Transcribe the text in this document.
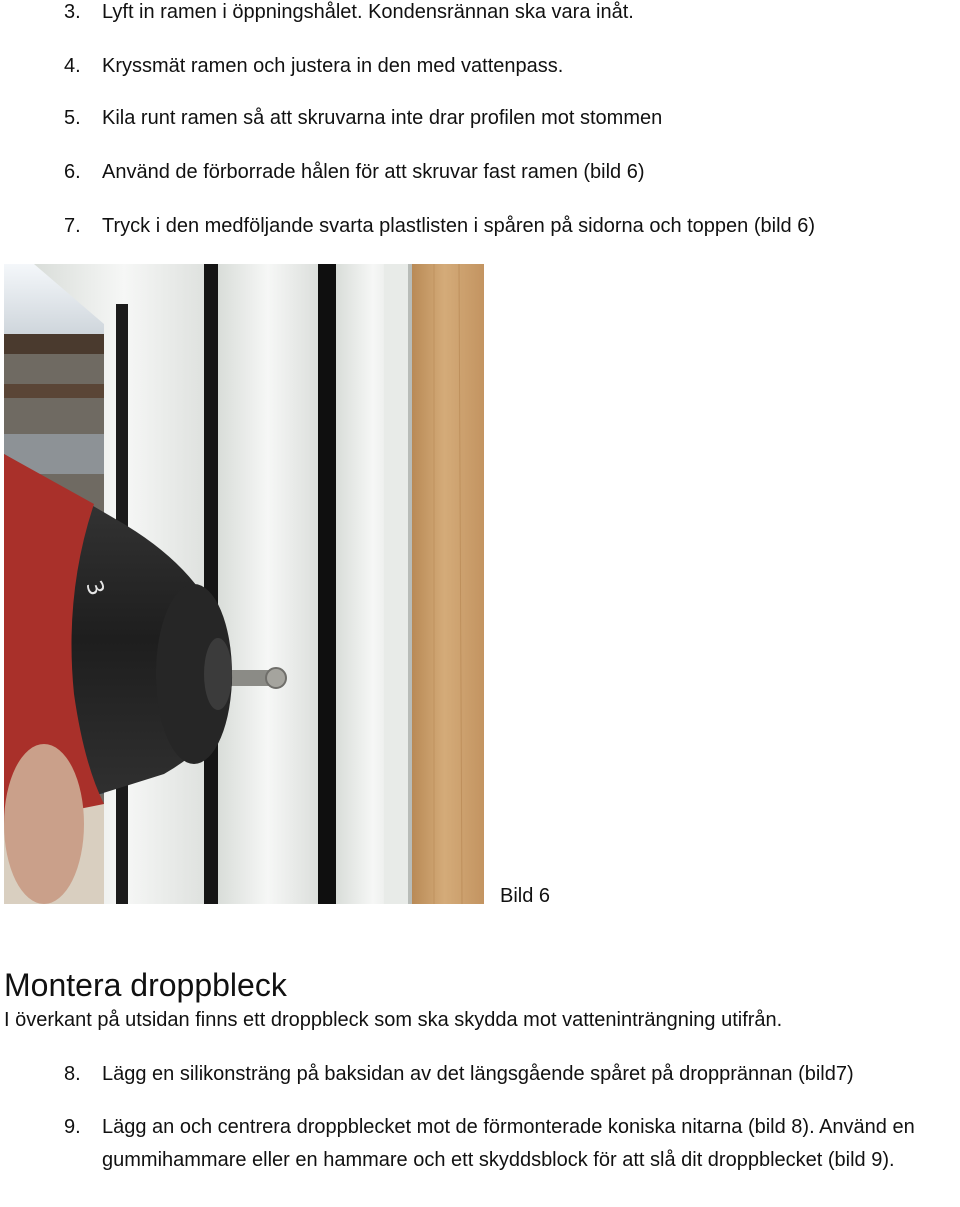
3. Lyft in ramen i öppningshålet. Kondensrännan ska vara inåt.
4. Kryssmät ramen och justera in den med vattenpass.
5. Kila runt ramen så att skruvarna inte drar profilen mot stommen
6. Använd de förborrade hålen för att skruvar fast ramen (bild 6)
7. Tryck i den medföljande svarta plastlisten i spåren på sidorna och toppen (bild 6)
3
Bild 6
Montera droppbleck
I överkant på utsidan finns ett droppbleck som ska skydda mot vatteninträngning utifrån.
8. Lägg en silikonsträng på baksidan av det längsgående spåret på dropprännan (bild7)
9. Lägg an och centrera droppblecket mot de förmonterade koniska nitarna (bild 8). Använd en gummihammare eller en hammare och ett skyddsblock för att slå dit droppblecket (bild 9).
